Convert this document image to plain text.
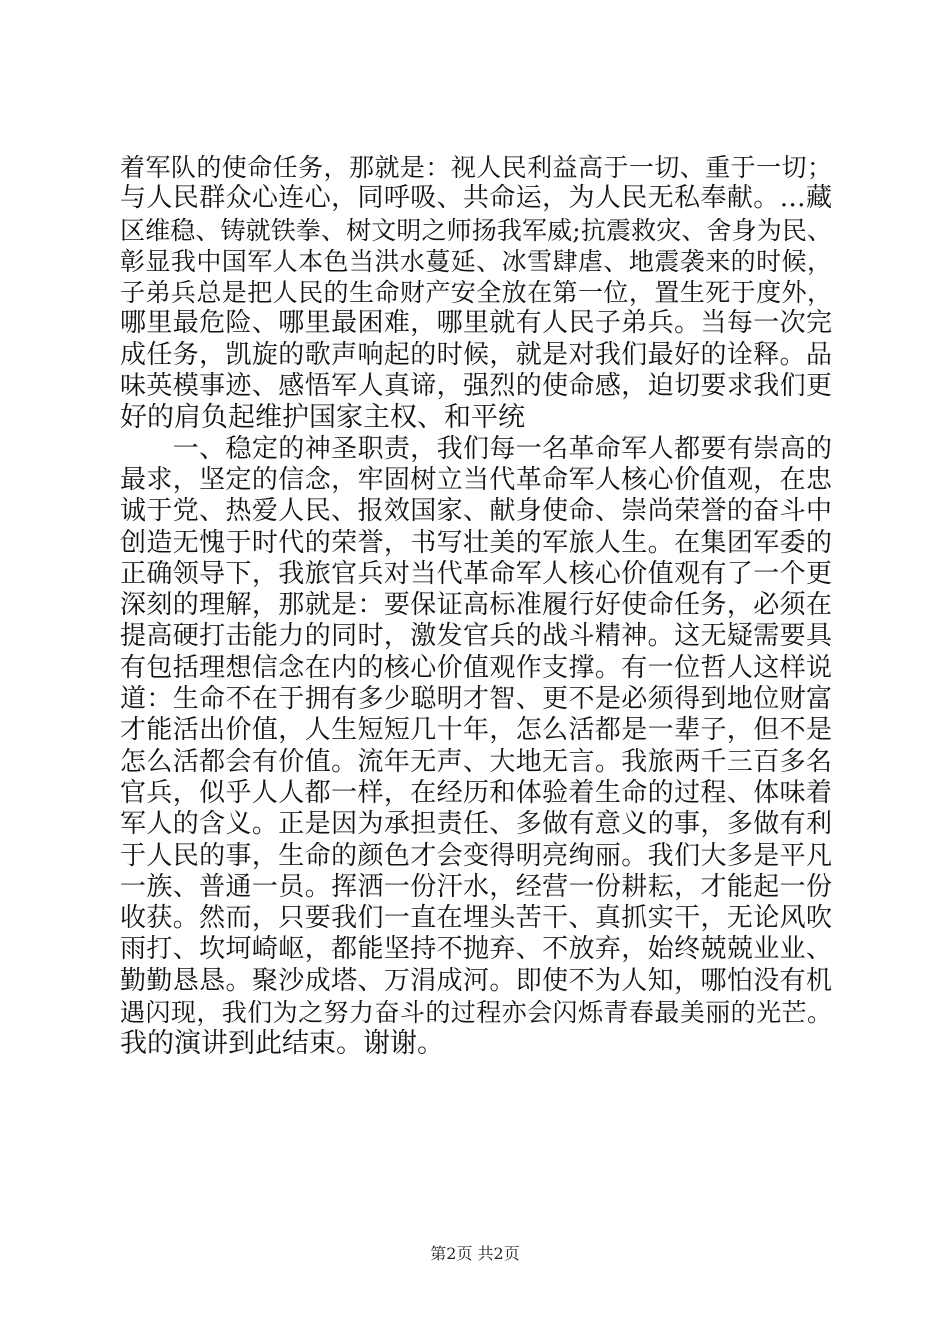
着军队的使命任务，那就是：视人民利益高于一切、重于一切；
与人民群众心连心，同呼吸、共命运，为人民无私奉献。…藏
区维稳、铸就铁拳、树文明之师扬我军威;抗震救灾、舍身为民、
彰显我中国军人本色当洪水蔓延、冰雪肆虐、地震袭来的时候，
子弟兵总是把人民的生命财产安全放在第一位，置生死于度外，
哪里最危险、哪里最困难，哪里就有人民子弟兵。当每一次完
成任务，凯旋的歌声响起的时候，就是对我们最好的诠释。品
味英模事迹、感悟军人真谛，强烈的使命感，迫切要求我们更
好的肩负起维护国家主权、和平统
　　一、稳定的神圣职责，我们每一名革命军人都要有崇高的
最求，坚定的信念，牢固树立当代革命军人核心价值观，在忠
诚于党、热爱人民、报效国家、献身使命、崇尚荣誉的奋斗中
创造无愧于时代的荣誉，书写壮美的军旅人生。在集团军委的
正确领导下，我旅官兵对当代革命军人核心价值观有了一个更
深刻的理解，那就是：要保证高标准履行好使命任务，必须在
提高硬打击能力的同时，激发官兵的战斗精神。这无疑需要具
有包括理想信念在内的核心价值观作支撑。有一位哲人这样说
道：生命不在于拥有多少聪明才智、更不是必须得到地位财富
才能活出价值，人生短短几十年，怎么活都是一辈子，但不是
怎么活都会有价值。流年无声、大地无言。我旅两千三百多名
官兵，似乎人人都一样，在经历和体验着生命的过程、体味着
军人的含义。正是因为承担责任、多做有意义的事，多做有利
于人民的事，生命的颜色才会变得明亮绚丽。我们大多是平凡
一族、普通一员。挥洒一份汗水，经营一份耕耘，才能起一份
收获。然而，只要我们一直在埋头苦干、真抓实干，无论风吹
雨打、坎坷崎岖，都能坚持不抛弃、不放弃，始终兢兢业业、
勤勤恳恳。聚沙成塔、万涓成河。即使不为人知，哪怕没有机
遇闪现，我们为之努力奋斗的过程亦会闪烁青春最美丽的光芒。
我的演讲到此结束。谢谢。
第2页 共2页
